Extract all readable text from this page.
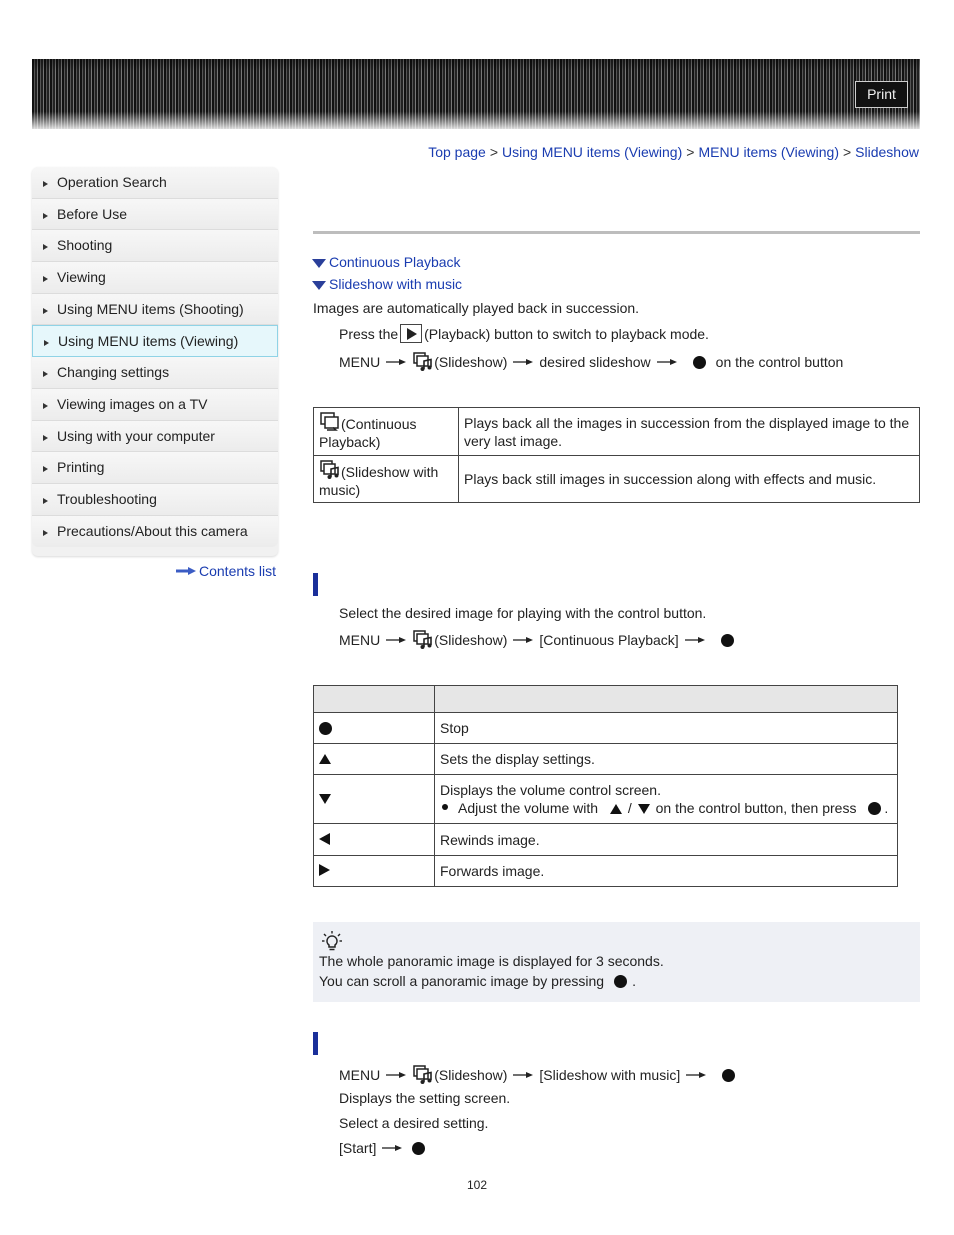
Print
Top page > Using MENU items (Viewing) > MENU items (Viewing) > Slideshow
Operation Search
Before Use
Shooting
Viewing
Using MENU items (Shooting)
Using MENU items (Viewing)
Changing settings
Viewing images on a TV
Using with your computer
Printing
Troubleshooting
Precautions/About this camera
Contents list
Continuous Playback
Slideshow with music
Images are automatically played back in succession.
Press the (Playback) button to switch to playback mode.
MENU	(Slideshow) desired slideshow	on the control button
(Continuous Playback)	Plays back all the images in succession from the displayed image to the very last image.
(Slideshow with music)	Plays back still images in succession along with effects and music.
Select the desired image for playing with the control button.
MENU	(Slideshow) [Continuous Playback]

	Stop
	Sets the display settings.

	Displays the volume control screen.
Adjust the volume with / on the control button, then press .

	Rewinds image.
	Forwards image.
The whole panoramic image is displayed for 3 seconds.
You can scroll a panoramic image by pressing .
MENU	(Slideshow) [Slideshow with music]
Displays the setting screen.
Select a desired setting.
[Start]
102
